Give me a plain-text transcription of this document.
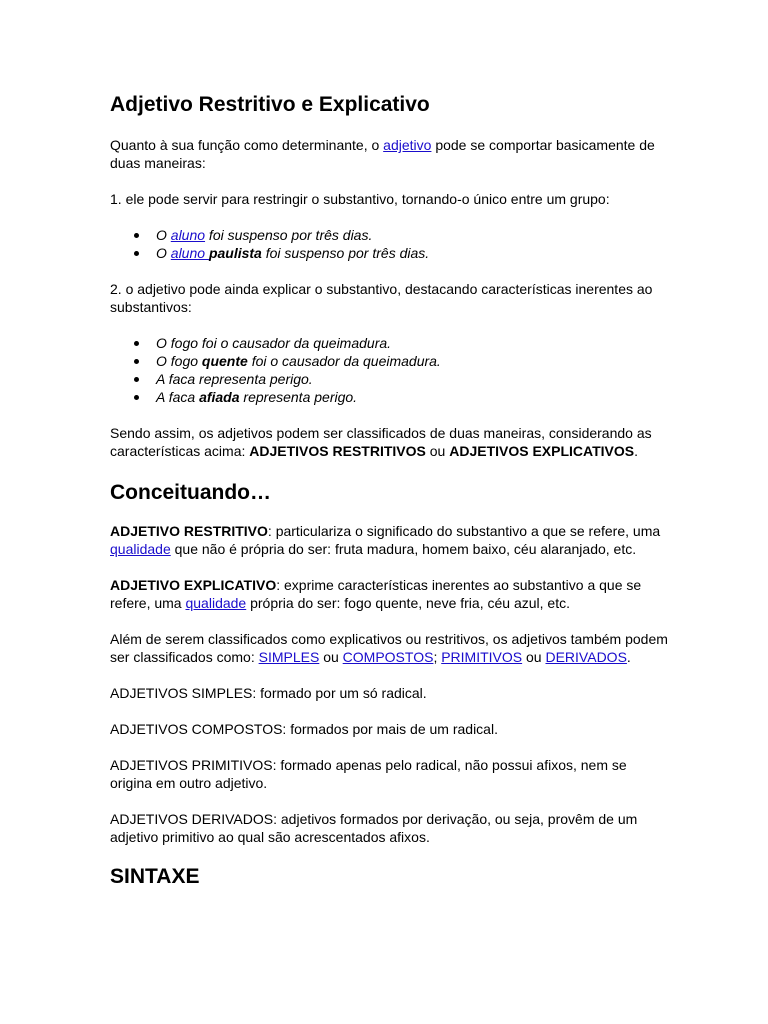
Adjetivo Restritivo e Explicativo

Quanto à sua função como determinante, o adjetivo pode se comportar basicamente de duas maneiras:

1. ele pode servir para restringir o substantivo, tornando-o único entre um grupo:

O aluno foi suspenso por três dias.
O aluno paulista foi suspenso por três dias.

2. o adjetivo pode ainda explicar o substantivo, destacando características inerentes ao substantivos:

O fogo foi o causador da queimadura.
O fogo quente foi o causador da queimadura.
A faca representa perigo.
A faca afiada representa perigo.

Sendo assim, os adjetivos podem ser classificados de duas maneiras, considerando as características acima: ADJETIVOS RESTRITIVOS ou ADJETIVOS EXPLICATIVOS.

Conceituando…

ADJETIVO RESTRITIVO: particulariza o significado do substantivo a que se refere, uma qualidade que não é própria do ser: fruta madura, homem baixo, céu alaranjado, etc.

ADJETIVO EXPLICATIVO: exprime características inerentes ao substantivo a que se refere, uma qualidade própria do ser: fogo quente, neve fria, céu azul, etc.

Além de serem classificados como explicativos ou restritivos, os adjetivos também podem ser classificados como: SIMPLES ou COMPOSTOS; PRIMITIVOS ou DERIVADOS.

ADJETIVOS SIMPLES: formado por um só radical.

ADJETIVOS COMPOSTOS: formados por mais de um radical.

ADJETIVOS PRIMITIVOS: formado apenas pelo radical, não possui afixos, nem se origina em outro adjetivo.

ADJETIVOS DERIVADOS: adjetivos formados por derivação, ou seja, provêm de um adjetivo primitivo ao qual são acrescentados afixos.

SINTAXE
